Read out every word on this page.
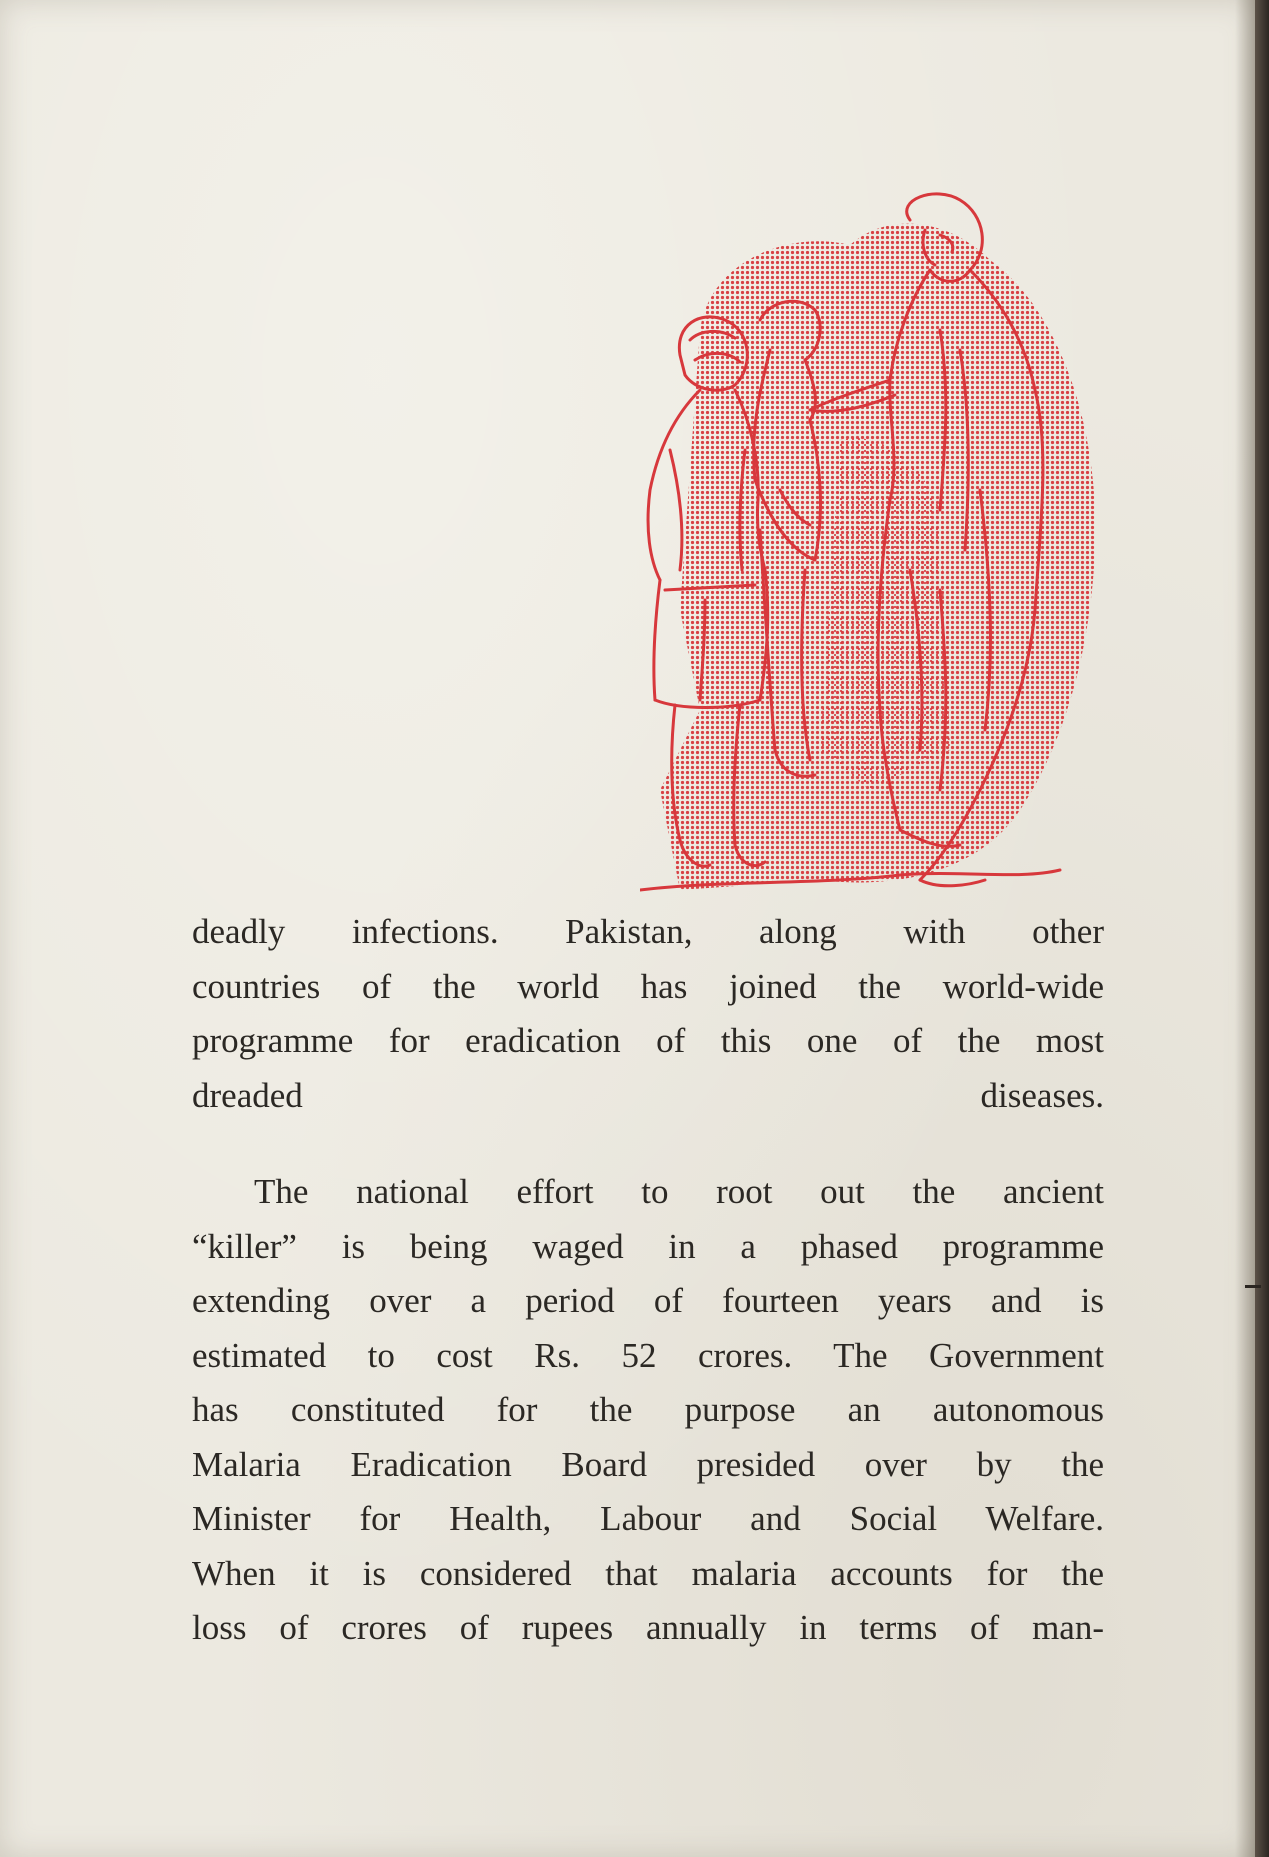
deadly infections. Pakistan, along with other
countries of the world has joined the world-wide
programme for eradication of this one of the most
dreaded diseases.

The national effort to root out the ancient
“killer” is being waged in a phased programme
extending over a period of fourteen years and is
estimated to cost Rs. 52 crores. The Government
has constituted for the purpose an autonomous
Malaria Eradication Board presided over by the
Minister for Health, Labour and Social Welfare.
When it is considered that malaria accounts for the
loss of crores of rupees annually in terms of man-
